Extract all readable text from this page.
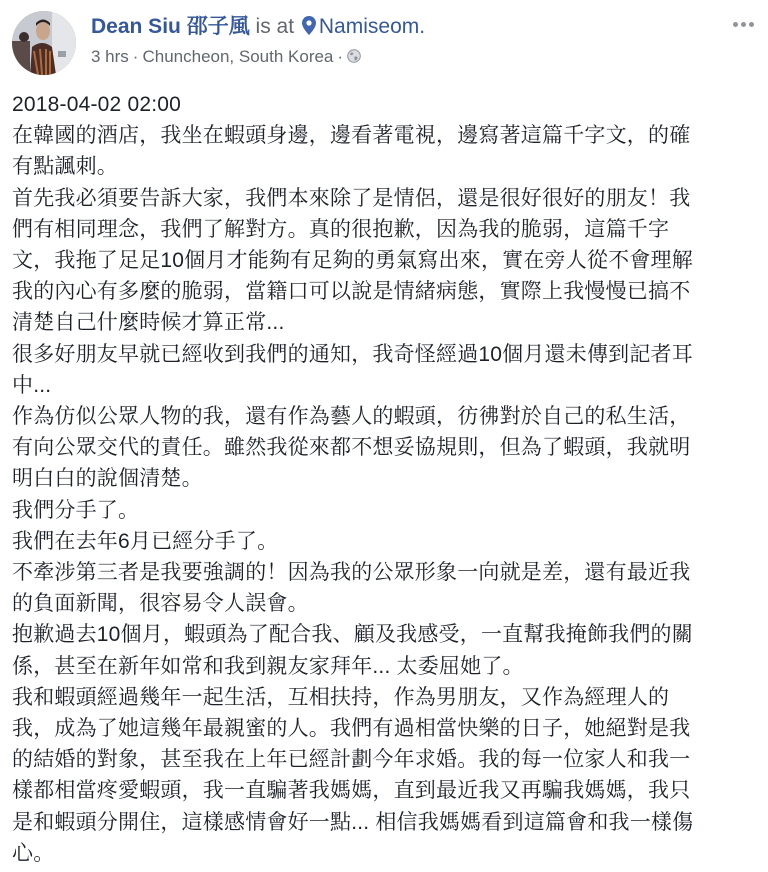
Dean Siu 邵子風 is at Namiseom.
3 hrs · Chuncheon, South Korea ·
2018-04-02 02:00
在韓國的酒店，我坐在蝦頭身邊，邊看著電視，邊寫著這篇千字文，的確
有點諷刺。
首先我必須要告訴大家，我們本來除了是情侶，還是很好很好的朋友！我
們有相同理念，我們了解對方。真的很抱歉，因為我的脆弱，這篇千字
文，我拖了足足10個月才能夠有足夠的勇氣寫出來，實在旁人從不會理解
我的內心有多麼的脆弱，當籍口可以說是情緒病態，實際上我慢慢已搞不
清楚自己什麼時候才算正常...
很多好朋友早就已經收到我們的通知，我奇怪經過10個月還未傳到記者耳
中...
作為仿似公眾人物的我，還有作為藝人的蝦頭，彷彿對於自己的私生活，
有向公眾交代的責任。雖然我從來都不想妥協規則，但為了蝦頭，我就明
明白白的說個清楚。
我們分手了。
我們在去年6月已經分手了。
不牽涉第三者是我要強調的！因為我的公眾形象一向就是差，還有最近我
的負面新聞，很容易令人誤會。
抱歉過去10個月，蝦頭為了配合我、顧及我感受，一直幫我掩飾我們的關
係，甚至在新年如常和我到親友家拜年... 太委屈她了。
我和蝦頭經過幾年一起生活，互相扶持，作為男朋友，又作為經理人的
我，成為了她這幾年最親蜜的人。我們有過相當快樂的日子，她絕對是我
的結婚的對象，甚至我在上年已經計劃今年求婚。我的每一位家人和我一
樣都相當疼愛蝦頭，我一直騙著我媽媽，直到最近我又再騙我媽媽，我只
是和蝦頭分開住，這樣感情會好一點... 相信我媽媽看到這篇會和我一樣傷
心。
